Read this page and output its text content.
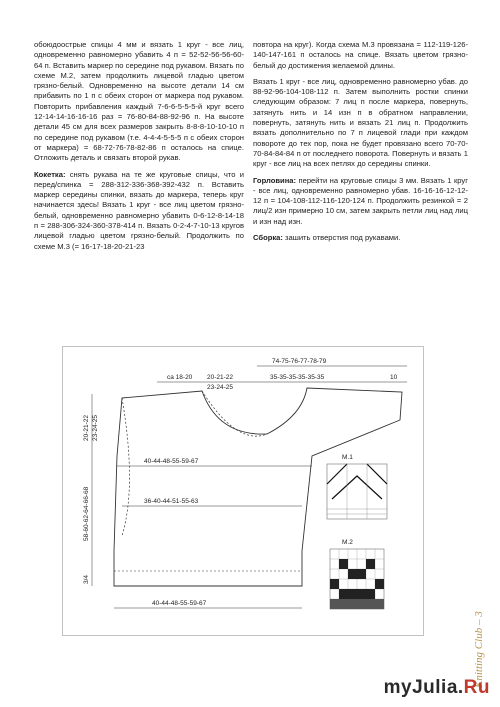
обоюдоострые спицы 4 мм и вязать 1 круг - все лиц, одновременно равномерно убавить 4 п = 52-52-56-56-60-64 п. Вставить маркер по середине под рукавом. Вязать по схеме М.2, затем продолжить лицевой гладью цветом грязно-белый. Одновременно на высоте детали 14 см прибавить по 1 п с обеих сторон от маркера под рукавом. Повторить прибавления каждый 7-6-6-5-5-5-й круг всего 12-14-14-16-16-16 раз = 76-80-84-88-92-96 п. На высоте детали 45 см для всех размеров закрыть 8-8-8-10-10-10 п по середине под рукавом (т.е. 4-4-4-5-5-5 п с обеих сторон от маркера) = 68-72-76-78-82-86 п осталось на спице. Отложить деталь и связать второй рукав.

Кокетка: снять рукава на те же круговые спицы, что и перед/спинка = 288-312-336-368-392-432 п. Вставить маркер середины спинки, вязать до маркера, теперь круг начинается здесь! Вязать 1 круг - все лиц цветом грязно-белый, одновременно равномерно убавить 0-6-12-8-14-18 п = 288-306-324-360-378-414 п. Вязать 0-2-4-7-10-13 кругов лицевой гладью цветом грязно-белый. Продолжить по схеме М.3 (= 16-17-18-20-21-23

повтора на круг). Когда схема М.3 провязана = 112-119-126-140-147-161 п осталось на спице. Вязать цветом грязно-белый до достижения желаемой длины.

Вязать 1 круг - все лиц, одновременно равномерно убав. до 88-92-96-104-108-112 п. Затем выполнить ростки спинки следующим образом: 7 лиц п после маркера, повернуть, затянуть нить и 14 изн п в обратном направлении, повернуть, затянуть нить и вязать 21 лиц п. Продолжить вязать дополнительно по 7 п лицевой глади при каждом повороте до тех пор, пока не будет провязано всего 70-70-70-84-84-84 п от последнего поворота. Повернуть и вязать 1 круг - все лиц на всех петлях до середины спинки.

Горловина: перейти на круговые спицы 3 мм. Вязать 1 круг - все лиц, одновременно равномерно убав. 16-16-16-12-12-12 п = 104-108-112-116-120-124 п. Продолжить резинкой = 2 лиц/2 изн примерно 10 см, затем закрыть петли лиц над лиц и изн над изн.

Сборка: зашить отверстия под рукавами.

74-75-76-77-78-79
ca 18-20 20-21-22
23-24-25
35-35-35-35-35-35	10
20-21-22 23-24-25
58-60-62-64-66-68
3/4
40-44-48-55-59-67
36-40-44-51-55-63
40-44-48-55-59-67
M.1
M.2
Knitting Club – 3
myJulia.Ru
